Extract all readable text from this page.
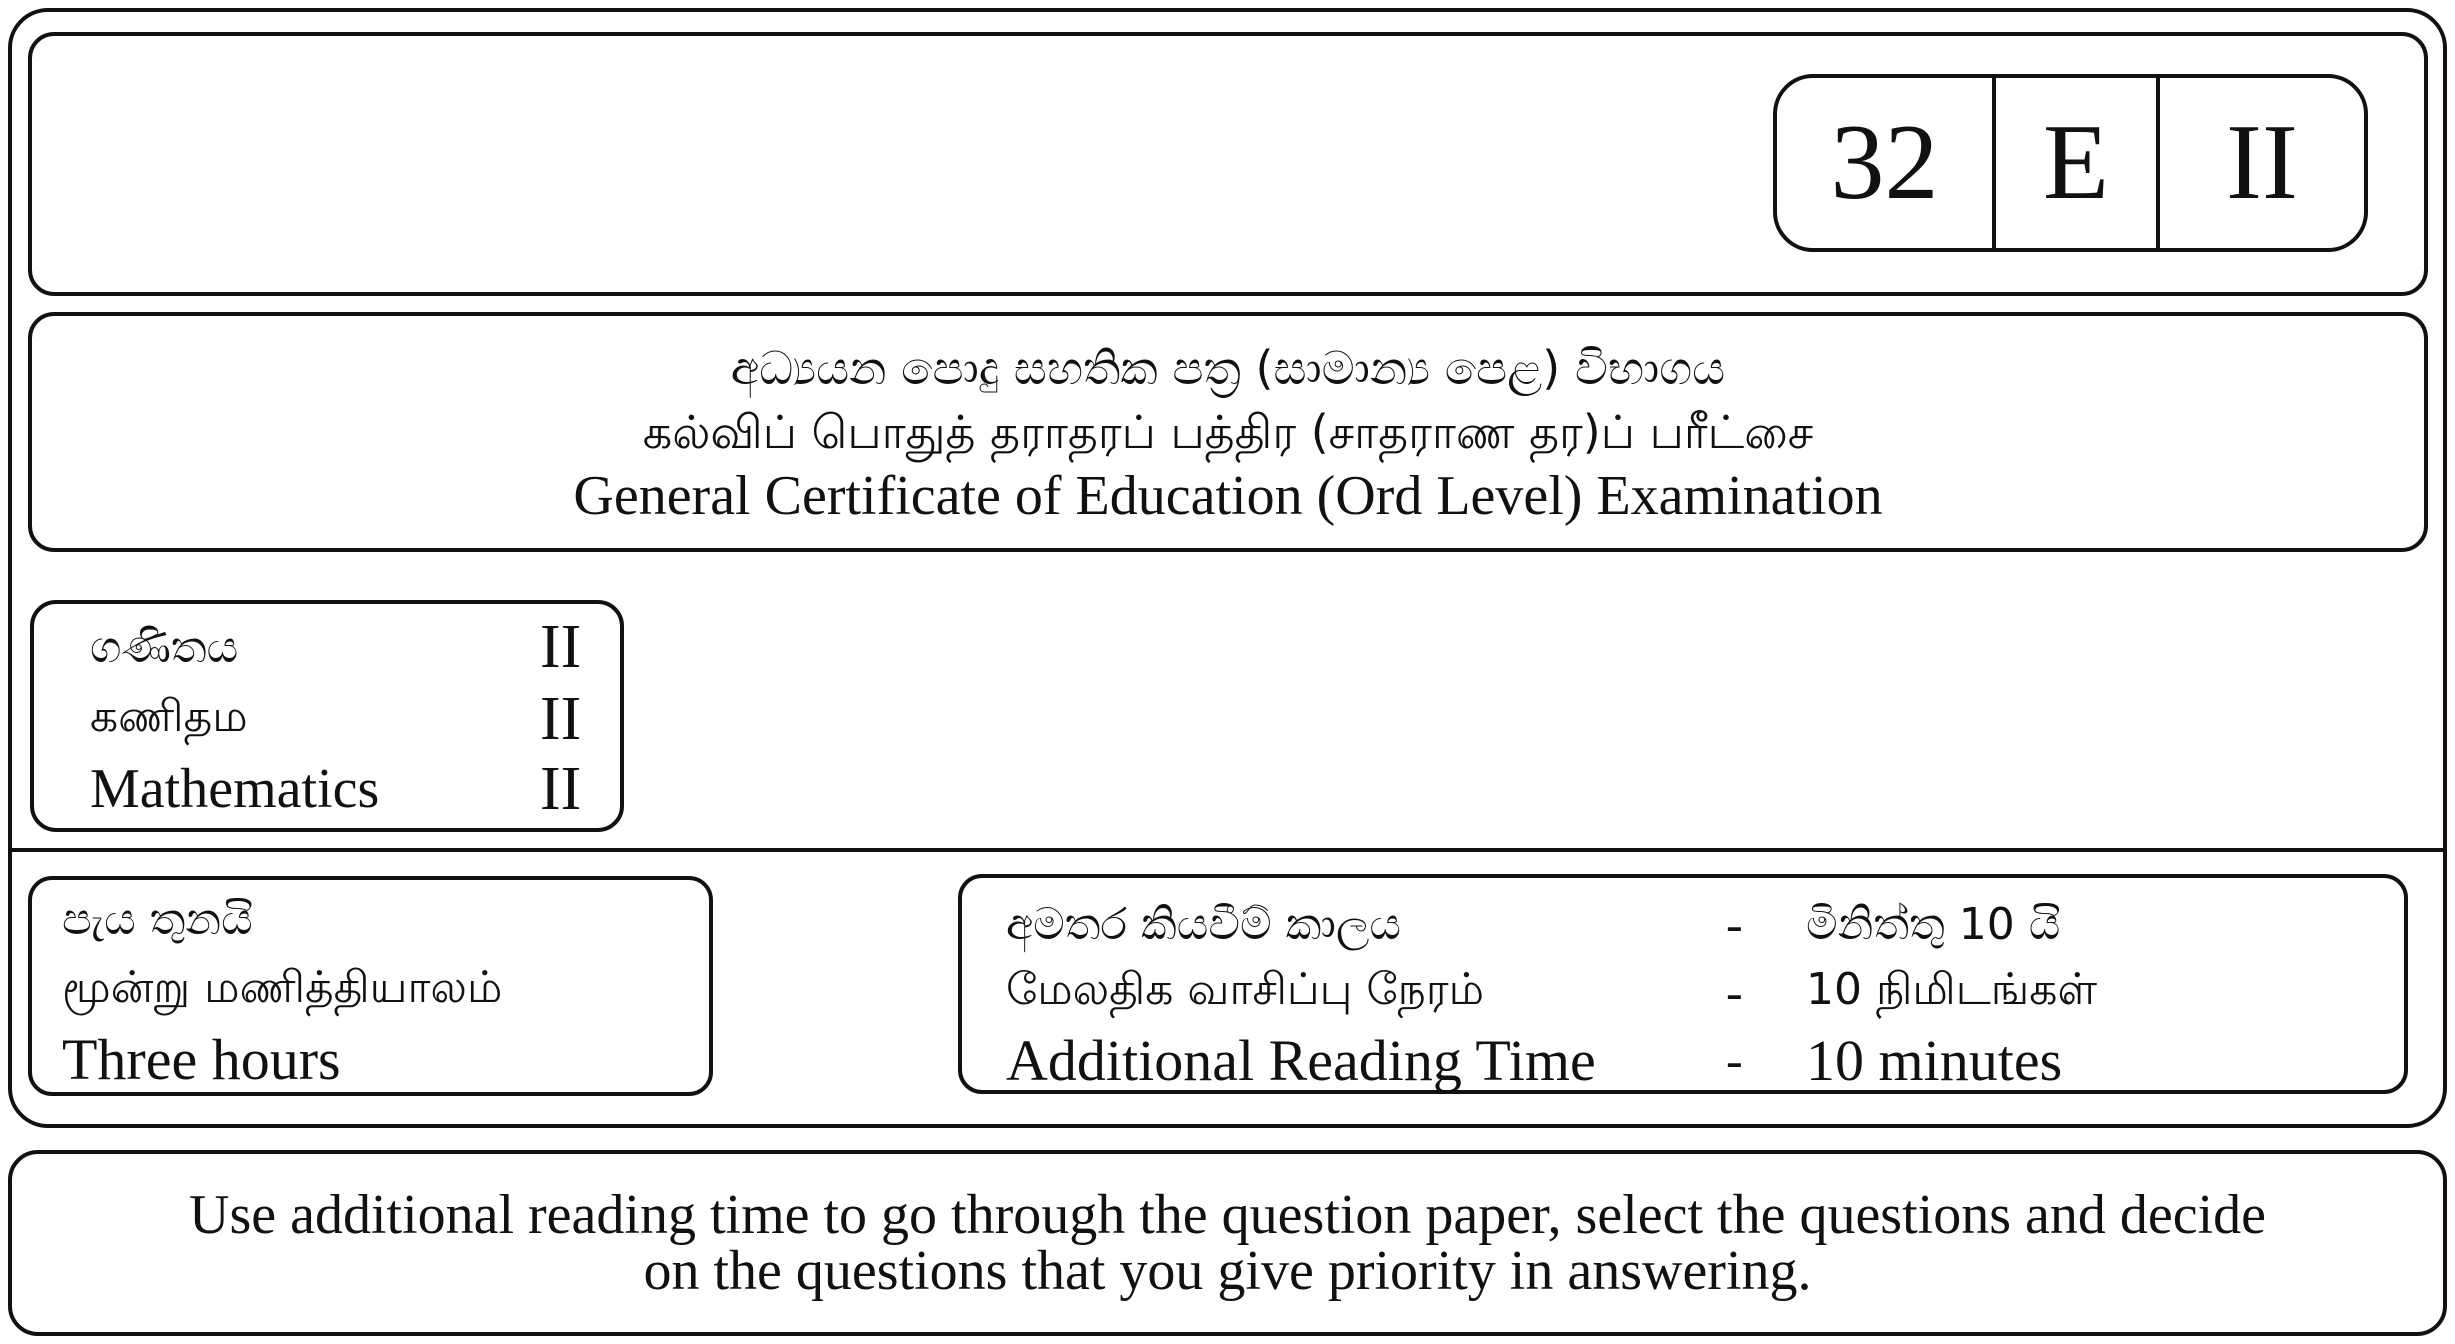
32 E	II
අධ්‍යයන පොදු සහතික පත්‍ර (සාමාන්‍ය පෙළ) විභාගය
கல்விப் பொதுத் தராதரப் பத்திர (சாதராண தர)ப் பரீட்சை
General Certificate of Education (Ord Level) Examination
ගණිතය	II
கணிதம	II
Mathematics	II
පැය තුනයි
மூன்று மணித்தியாலம்
Three hours
අමතර කියවීම් කාලය	-	මිනිත්තු 10 යි
மேலதிக வாசிப்பு நேரம்	-	10 நிமிடங்கள்
Additional Reading Time	-	10 minutes
Use additional reading time to go through the question paper, select the questions and decide
on the questions that you give priority in answering.
